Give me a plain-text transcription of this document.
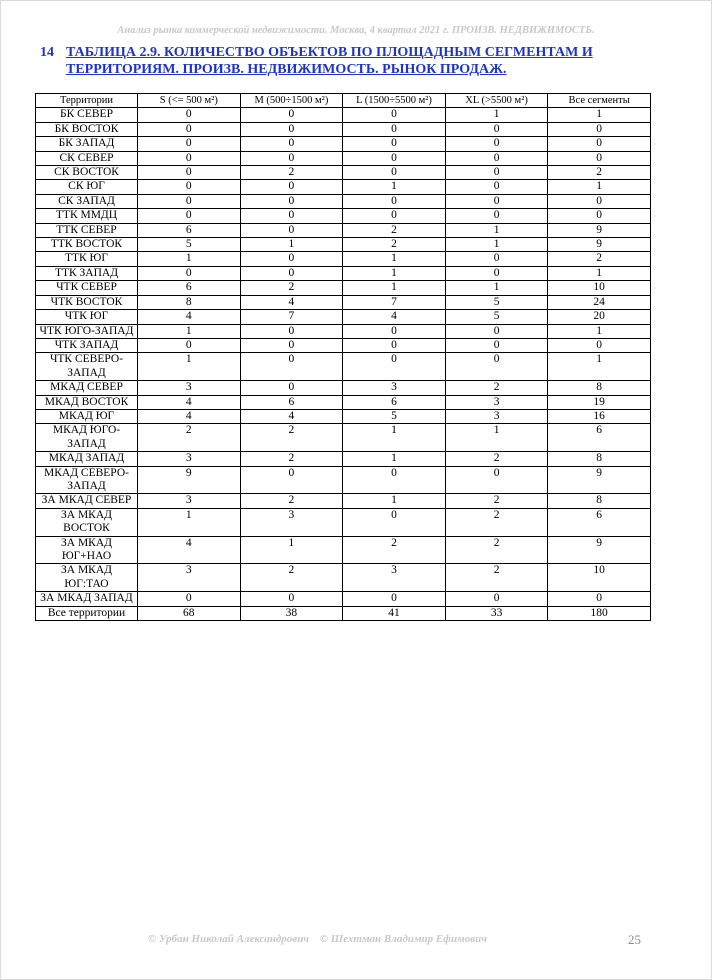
Анализ рынка коммерческой недвижимости. Москва, 4 квартал 2021 г. ПРОИЗВ. НЕДВИЖИМОСТЬ.
14 ТАБЛИЦА 2.9. КОЛИЧЕСТВО ОБЪЕКТОВ ПО ПЛОЩАДНЫМ СЕГМЕНТАМ И ТЕРРИТОРИЯМ. ПРОИЗВ. НЕДВИЖИМОСТЬ. РЫНОК ПРОДАЖ.
Территории	S (<= 500 м²)	M (500÷1500 м²)	L (1500÷5500 м²)	XL (>5500 м²)	Все сегменты
БК СЕВЕР	0	0	0	1	1
БК ВОСТОК	0	0	0	0	0
БК ЗАПАД	0	0	0	0	0
СК СЕВЕР	0	0	0	0	0
СК ВОСТОК	0	2	0	0	2
СК ЮГ	0	0	1	0	1
СК ЗАПАД	0	0	0	0	0
ТТК ММДЦ	0	0	0	0	0
ТТК СЕВЕР	6	0	2	1	9
ТТК ВОСТОК	5	1	2	1	9
ТТК ЮГ	1	0	1	0	2
ТТК ЗАПАД	0	0	1	0	1
ЧТК СЕВЕР	6	2	1	1	10
ЧТК ВОСТОК	8	4	7	5	24
ЧТК ЮГ	4	7	4	5	20
ЧТК ЮГО-ЗАПАД	1	0	0	0	1
ЧТК ЗАПАД	0	0	0	0	0
ЧТК СЕВЕРО-ЗАПАД	1	0	0	0	1
МКАД СЕВЕР	3	0	3	2	8
МКАД ВОСТОК	4	6	6	3	19
МКАД ЮГ	4	4	5	3	16
МКАД ЮГО-ЗАПАД	2	2	1	1	6
МКАД ЗАПАД	3	2	1	2	8
МКАД СЕВЕРО-ЗАПАД	9	0	0	0	9
ЗА МКАД СЕВЕР	3	2	1	2	8
ЗА МКАД ВОСТОК	1	3	0	2	6
ЗА МКАД ЮГ+НАО	4	1	2	2	9
ЗА МКАД ЮГ:ТАО	3	2	3	2	10
ЗА МКАД ЗАПАД	0	0	0	0	0
Все территории	68	38	41	33	180
© Урбан Николай Александрович © Шехтман Владимир Ефимович	25
